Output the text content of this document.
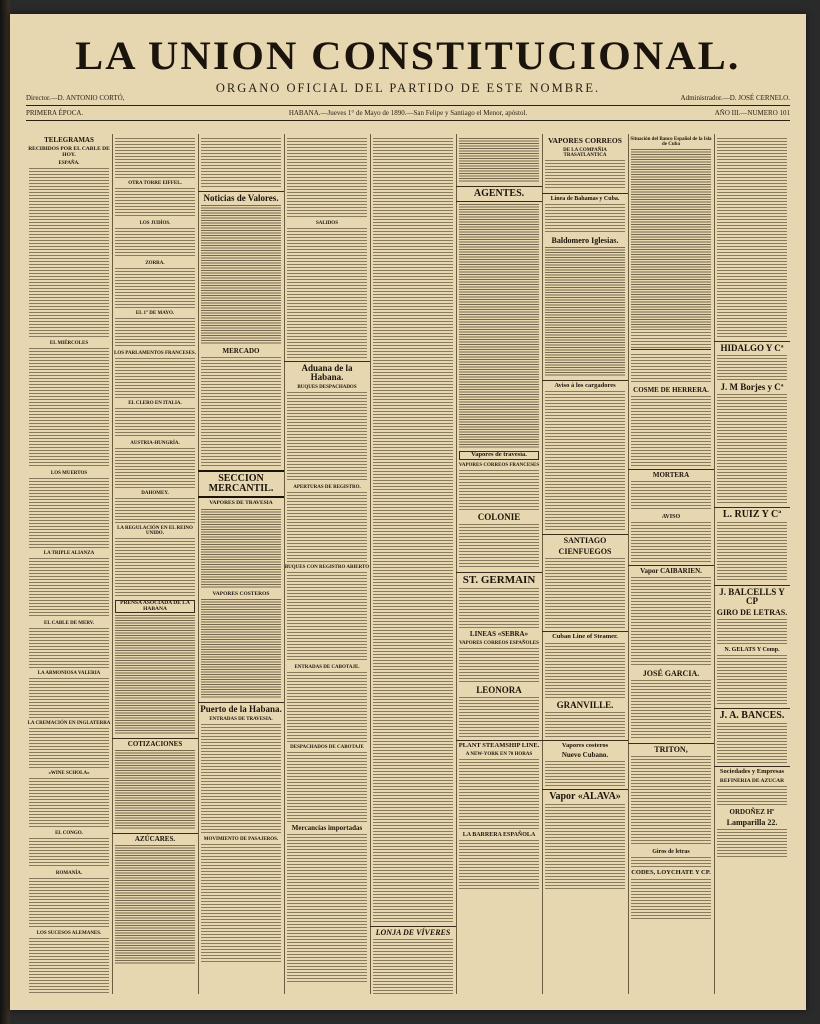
LA UNION CONSTITUCIONAL.
ORGANO OFICIAL DEL PARTIDO DE ESTE NOMBRE.
Director.—D. ANTONIO CORTÓ,	Administrador.—D. JOSÉ CERNELO.
PRIMERA ÉPOCA.	HABANA.—Jueves 1° de Mayo de 1890.—San Felipe y Santiago el Menor, apóstol.	AÑO III.—NUMERO 101
TELEGRAMAS
RECIBIDOS POR EL CABLE DE HOY.
ESPAÑA.
EL MIÉRCOLES
LOS MUERTOS
LA TRIPLE ALIANZA
EL CABLE DE MERV.
LA ARMONIOSA VALERIA
LA CREMACIÓN EN INGLATERRA
«WINE SCHOLA»
EL CONGO.
ROMANÍA.
LOS SUCESOS ALEMANES.
OTRA TORRE EIFFEL.
LOS JUDÍOS.
ZORRA.
EL 1° DE MAYO.
LOS PARLAMENTOS FRANCESES.
EL CLERO EN ITALIA.
AUSTRIA-HUNGRÍA.
DAHOMEY.
LA REGULACIÓN EN EL REINO UNIDO.
PRENSA ASOCIADA DE LA HABANA
COTIZACIONES
AZÚCARES.
Noticias de Valores.
MERCADO
SECCION MERCANTIL.
VAPORES DE TRAVESIA
VAPORES COSTEROS
Puerto de la Habana.
ENTRADAS DE TRAVESIA.
MOVIMIENTO DE PASAJEROS.
SALIDOS
Aduana de la Habana.
BUQUES DESPACHADOS
APERTURAS DE REGISTRO.
BUQUES CON REGISTRO ABIERTO
ENTRADAS DE CABOTAJE.
DESPACHADOS DE CABOTAJE
Mercancías importadas
LONJA DE VÍVERES
AGENTES.
Vapores de travesía.
VAPORES CORREOS FRANCESES
COLONIE
ST. GERMAIN
LINEAS «SEBRA»
VAPORES CORREOS ESPAÑOLES
LEONORA
PLANT STEAMSHIP LINE.
A NEW-YORK EN 70 HORAS
LA BARRERA ESPAÑOLA
VAPORES CORREOS
DE LA COMPAÑIA TRASATLANTICA
Linea de Bahamas y Cuba.
Baldomero Iglesias.
Aviso á los cargadores
SANTIAGO
CIENFUEGOS
Cuban Line of Steamer.
GRANVILLE.
Vapores costeros
Nuevo Cubano.
Vapor «ALAVA»
Situación del Banco Español de la Isla de Cuba
COSME DE HERRERA.
MORTERA
AVISO
Vapor CAIBARIEN.
JOSÉ GARCIA.
TRITON,
Giros de letras
CODES, LOYCHATE Y CP.
HIDALGO Y Cª
J. M Borjes y Cª
L. RUIZ Y Cª
J. BALCELLS Y CP
GIRO DE LETRAS.
N. GELATS Y Comp.
J. A. BANCES.
Sociedades y Empresas
REFINERIA DE AZUCAR
ORDOÑEZ Hº
Lamparilla 22.
